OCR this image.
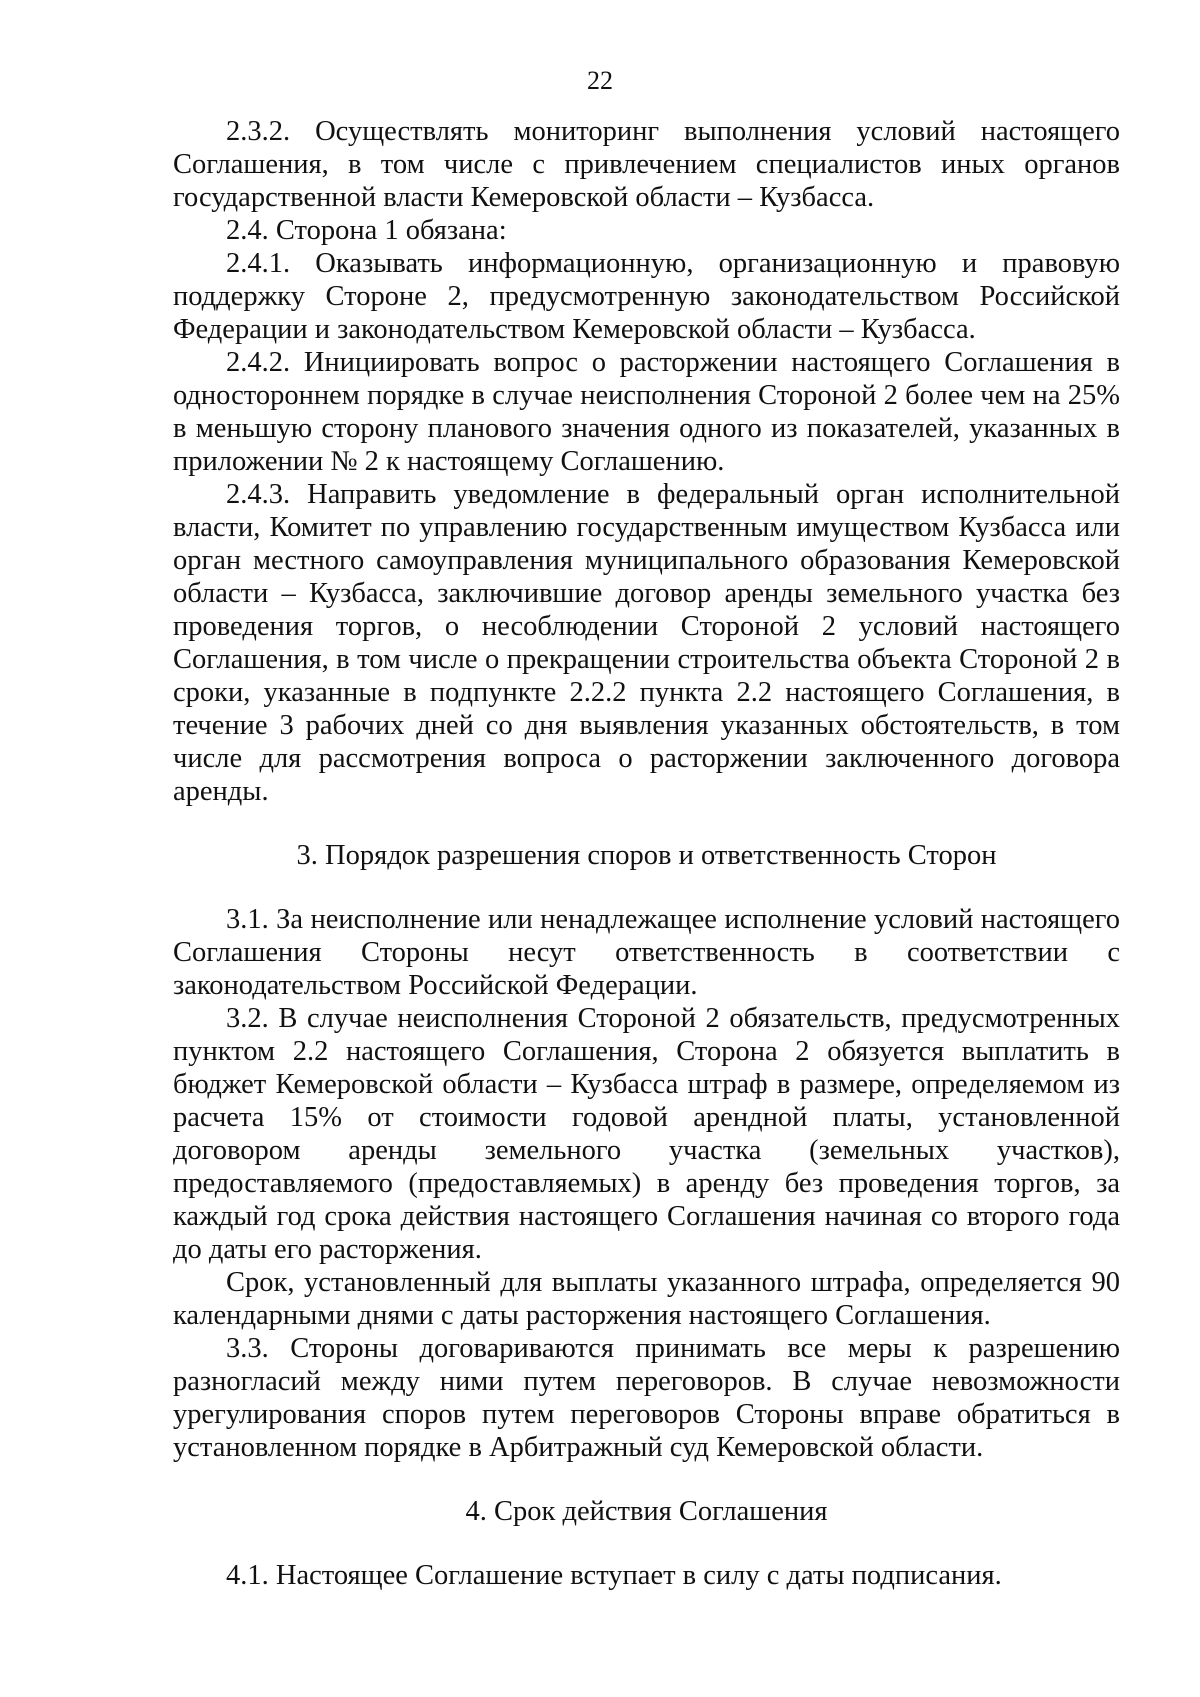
22

2.3.2. Осуществлять мониторинг выполнения условий настоящего Соглашения, в том числе с привлечением специалистов иных органов государственной власти Кемеровской области – Кузбасса.

2.4. Сторона 1 обязана:

2.4.1. Оказывать информационную, организационную и правовую поддержку Стороне 2, предусмотренную законодательством Российской Федерации и законодательством Кемеровской области – Кузбасса.

2.4.2. Инициировать вопрос о расторжении настоящего Соглашения в одностороннем порядке в случае неисполнения Стороной 2 более чем на 25% в меньшую сторону планового значения одного из показателей, указанных в приложении № 2 к настоящему Соглашению.

2.4.3. Направить уведомление в федеральный орган исполнительной власти, Комитет по управлению государственным имуществом Кузбасса или орган местного самоуправления муниципального образования Кемеровской области – Кузбасса, заключившие договор аренды земельного участка без проведения торгов, о несоблюдении Стороной 2 условий настоящего Соглашения, в том числе о прекращении строительства объекта Стороной 2 в сроки, указанные в подпункте 2.2.2 пункта 2.2 настоящего Соглашения, в течение 3 рабочих дней со дня выявления указанных обстоятельств, в том числе для рассмотрения вопроса о расторжении заключенного договора аренды.

3. Порядок разрешения споров и ответственность Сторон

3.1. За неисполнение или ненадлежащее исполнение условий настоящего Соглашения Стороны несут ответственность в соответствии с законодательством Российской Федерации.

3.2. В случае неисполнения Стороной 2 обязательств, предусмотренных пунктом 2.2 настоящего Соглашения, Сторона 2 обязуется выплатить в бюджет Кемеровской области – Кузбасса штраф в размере, определяемом из расчета 15% от стоимости годовой арендной платы, установленной договором аренды земельного участка (земельных участков), предоставляемого (предоставляемых) в аренду без проведения торгов, за каждый год срока действия настоящего Соглашения начиная со второго года до даты его расторжения.

Срок, установленный для выплаты указанного штрафа, определяется 90 календарными днями с даты расторжения настоящего Соглашения.

3.3. Стороны договариваются принимать все меры к разрешению разногласий между ними путем переговоров. В случае невозможности урегулирования споров путем переговоров Стороны вправе обратиться в установленном порядке в Арбитражный суд Кемеровской области.

4. Срок действия Соглашения

4.1. Настоящее Соглашение вступает в силу с даты подписания.
